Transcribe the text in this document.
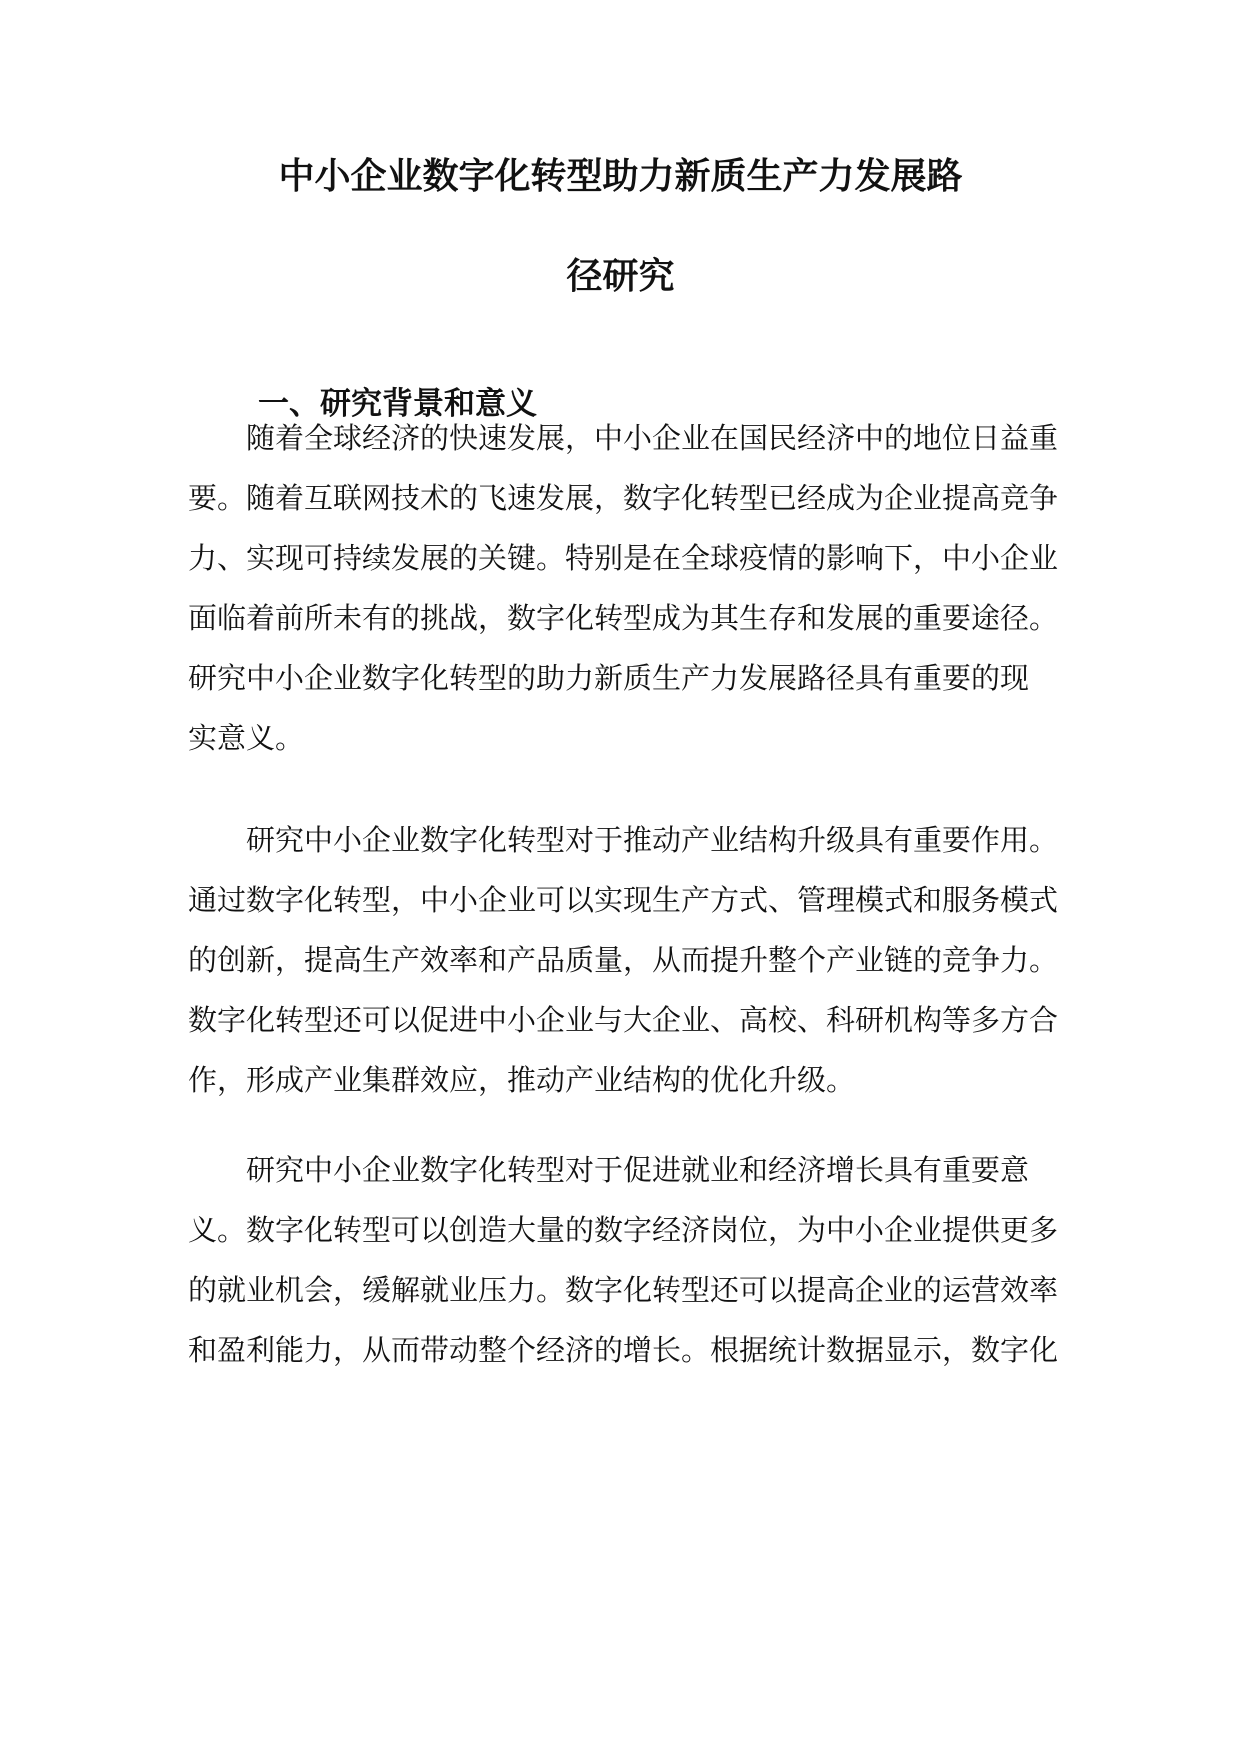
中小企业数字化转型助力新质生产力发展路
径研究
一、研究背景和意义
随着全球经济的快速发展，中小企业在国民经济中的地位日益重
要。随着互联网技术的飞速发展，数字化转型已经成为企业提高竞争
力、实现可持续发展的关键。特别是在全球疫情的影响下，中小企业
面临着前所未有的挑战，数字化转型成为其生存和发展的重要途径。
研究中小企业数字化转型的助力新质生产力发展路径具有重要的现
实意义。
研究中小企业数字化转型对于推动产业结构升级具有重要作用。
通过数字化转型，中小企业可以实现生产方式、管理模式和服务模式
的创新，提高生产效率和产品质量，从而提升整个产业链的竞争力。
数字化转型还可以促进中小企业与大企业、高校、科研机构等多方合
作，形成产业集群效应，推动产业结构的优化升级。
研究中小企业数字化转型对于促进就业和经济增长具有重要意
义。数字化转型可以创造大量的数字经济岗位，为中小企业提供更多
的就业机会，缓解就业压力。数字化转型还可以提高企业的运营效率
和盈利能力，从而带动整个经济的增长。根据统计数据显示，数字化
